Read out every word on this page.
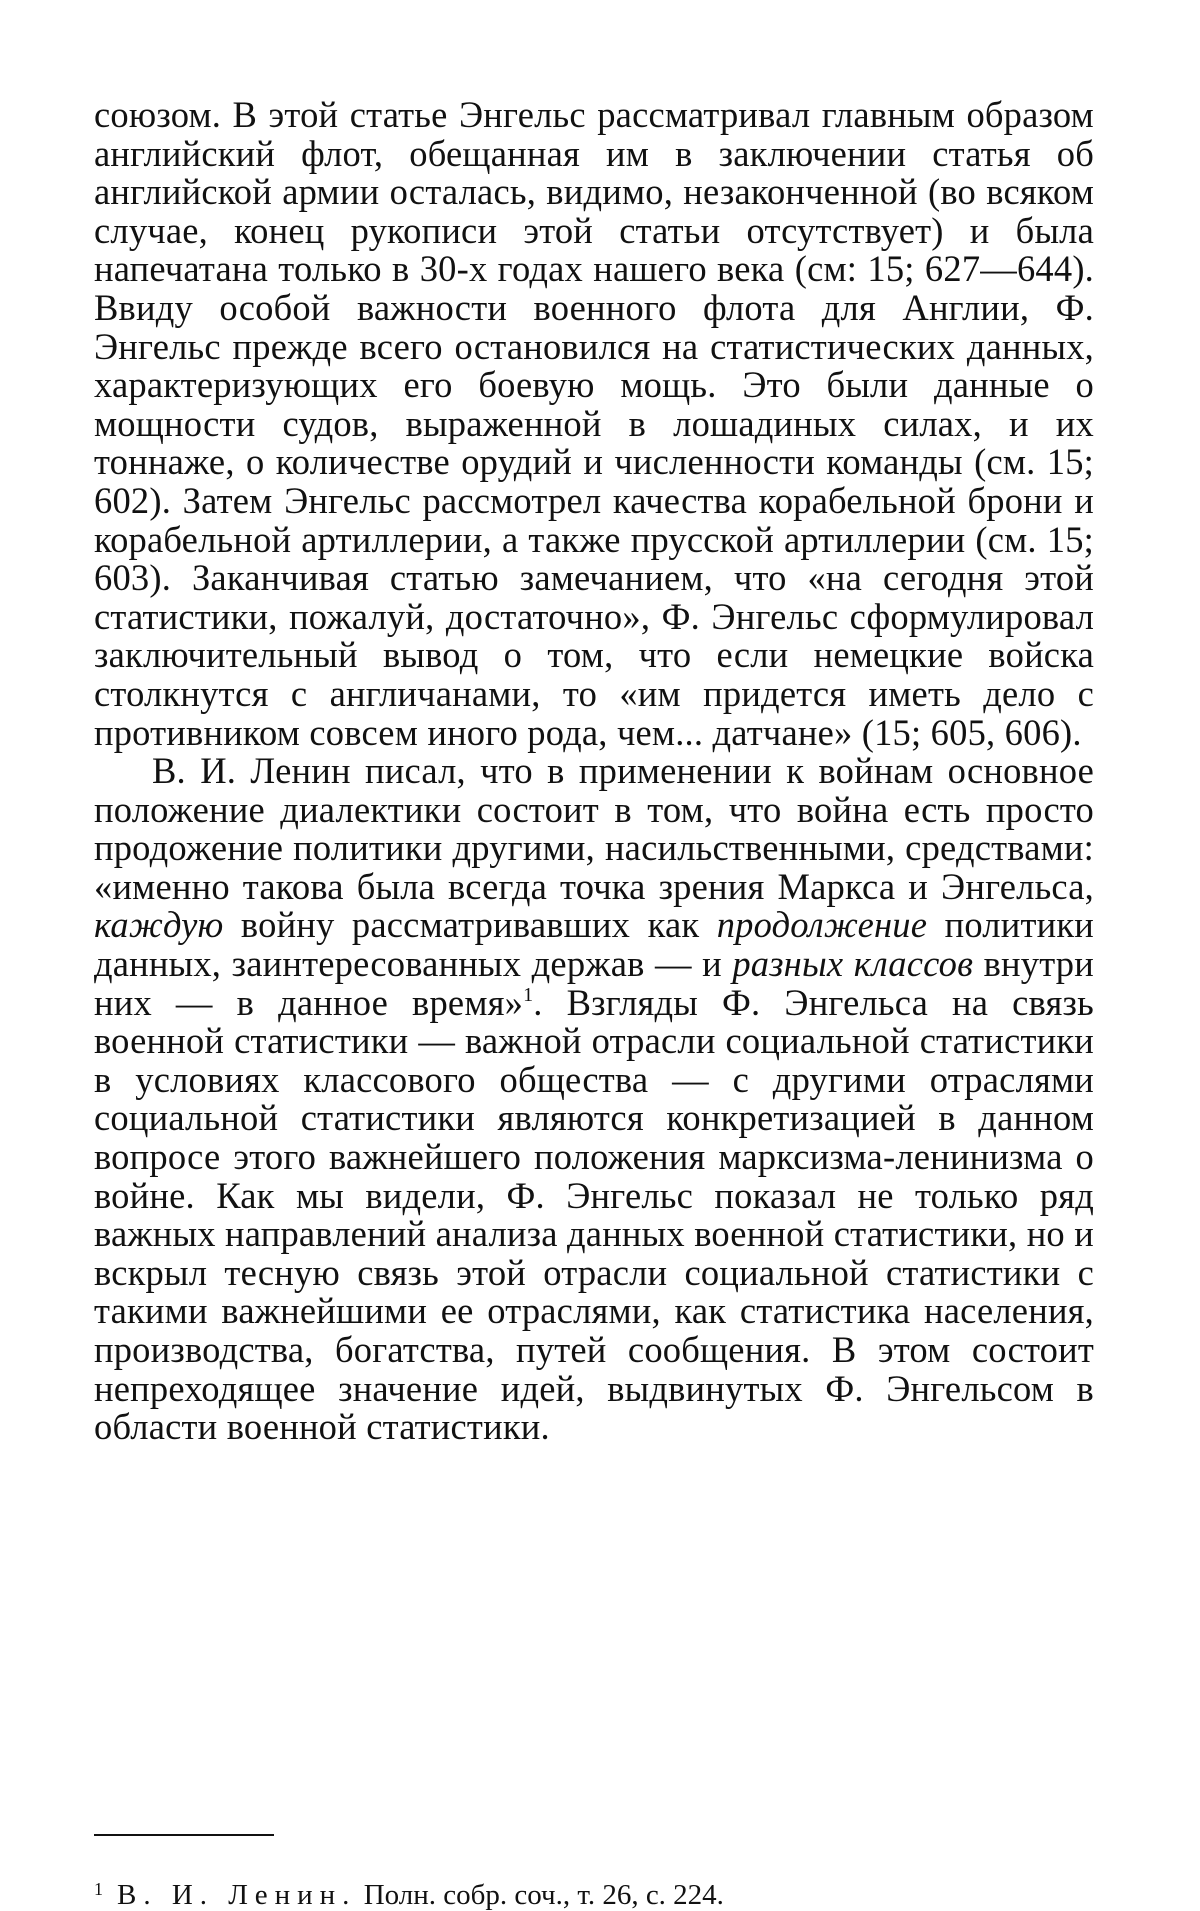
союзом. В этой статье Энгельс рассматривал главным образом английский флот, обещанная им в заключении статья об английской армии осталась, видимо, незаконченной (во всяком случае, конец рукописи этой статьи отсутствует) и была напечатана только в 30-х годах нашего века (см: 15; 627—644). Ввиду особой важности военного флота для Англии, Ф. Энгельс прежде всего остановился на статистических данных, характеризующих его боевую мощь. Это были данные о мощности судов, выраженной в лошадиных силах, и их тоннаже, о количестве орудий и численности команды (см. 15; 602). Затем Энгельс рассмотрел качества корабельной брони и корабельной артиллерии, а также прусской артиллерии (см. 15; 603). Заканчивая статью замечанием, что «на сегодня этой статистики, пожалуй, достаточно», Ф. Энгельс сформулировал заключительный вывод о том, что если немецкие войска столкнутся с англичанами, то «им придется иметь дело с противником совсем иного рода, чем... датчане» (15; 605, 606).

В. И. Ленин писал, что в применении к войнам основное положение диалектики состоит в том, что война есть просто продожение политики другими, насильственными, средствами: «именно такова была всегда точка зрения Маркса и Энгельса, каждую войну рассматривавших как продолжение политики данных, заинтересованных держав — и разных классов внутри них — в данное время»$^1$. Взгляды Ф. Энгельса на связь военной статистики — важной отрасли социальной статистики в условиях классового общества — с другими отраслями социальной статистики являются конкретизацией в данном вопросе этого важнейшего положения марксизма-ленинизма о войне. Как мы видели, Ф. Энгельс показал не только ряд важных направлений анализа данных военной статистики, но и вскрыл тесную связь этой отрасли социальной статистики с такими важнейшими ее отраслями, как статистика населения, производства, богатства, путей сообщения. В этом состоит непреходящее значение идей, выдвинутых Ф. Энгельсом в области военной статистики.

$^1$ В. И. Ленин. Полн. собр. соч., т. 26, с. 224.
